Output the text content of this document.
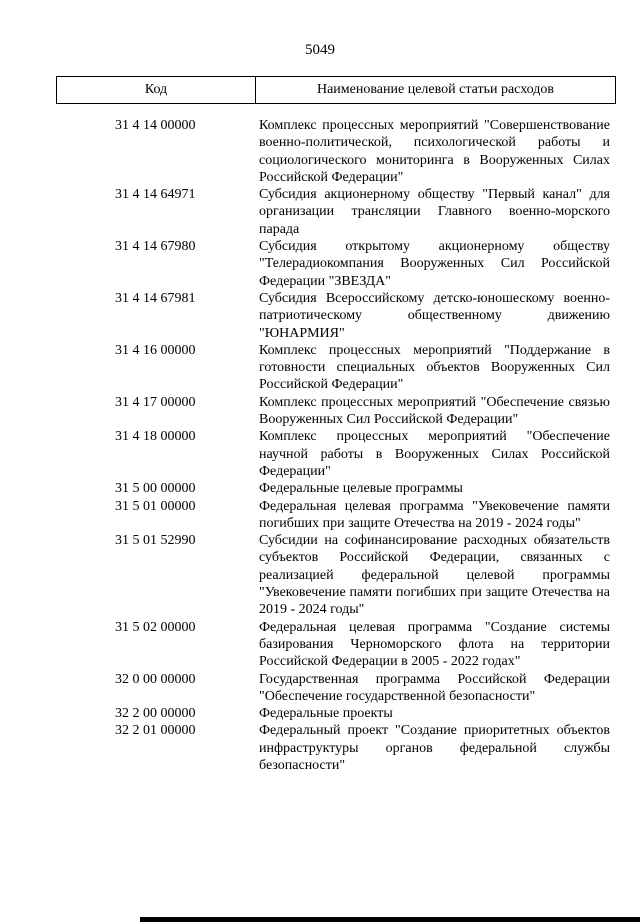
5049
Код	Наименование целевой статьи расходов
31 4 14 00000	Комплекс процессных мероприятий "Совершенствование военно-политической, психологической работы и социологического мониторинга в Вооруженных Силах Российской Федерации"
31 4 14 64971	Субсидия акционерному обществу "Первый канал" для организации трансляции Главного военно-морского парада
31 4 14 67980	Субсидия открытому акционерному обществу "Телерадиокомпания Вооруженных Сил Российской Федерации "ЗВЕЗДА"
31 4 14 67981	Субсидия Всероссийскому детско-юношескому военно-патриотическому общественному движению "ЮНАРМИЯ"
31 4 16 00000	Комплекс процессных мероприятий "Поддержание в готовности специальных объектов Вооруженных Сил Российской Федерации"
31 4 17 00000	Комплекс процессных мероприятий "Обеспечение связью Вооруженных Сил Российской Федерации"
31 4 18 00000	Комплекс процессных мероприятий "Обеспечение научной работы в Вооруженных Силах Российской Федерации"
31 5 00 00000	Федеральные целевые программы
31 5 01 00000	Федеральная целевая программа "Увековечение памяти погибших при защите Отечества на 2019 - 2024 годы"
31 5 01 52990	Субсидии на софинансирование расходных обязательств субъектов Российской Федерации, связанных с реализацией федеральной целевой программы "Увековечение памяти погибших при защите Отечества на 2019 - 2024 годы"
31 5 02 00000	Федеральная целевая программа "Создание системы базирования Черноморского флота на территории Российской Федерации в 2005 - 2022 годах"
32 0 00 00000	Государственная программа Российской Федерации "Обеспечение государственной безопасности"
32 2 00 00000	Федеральные проекты
32 2 01 00000	Федеральный проект "Создание приоритетных объектов инфраструктуры органов федеральной службы безопасности"
